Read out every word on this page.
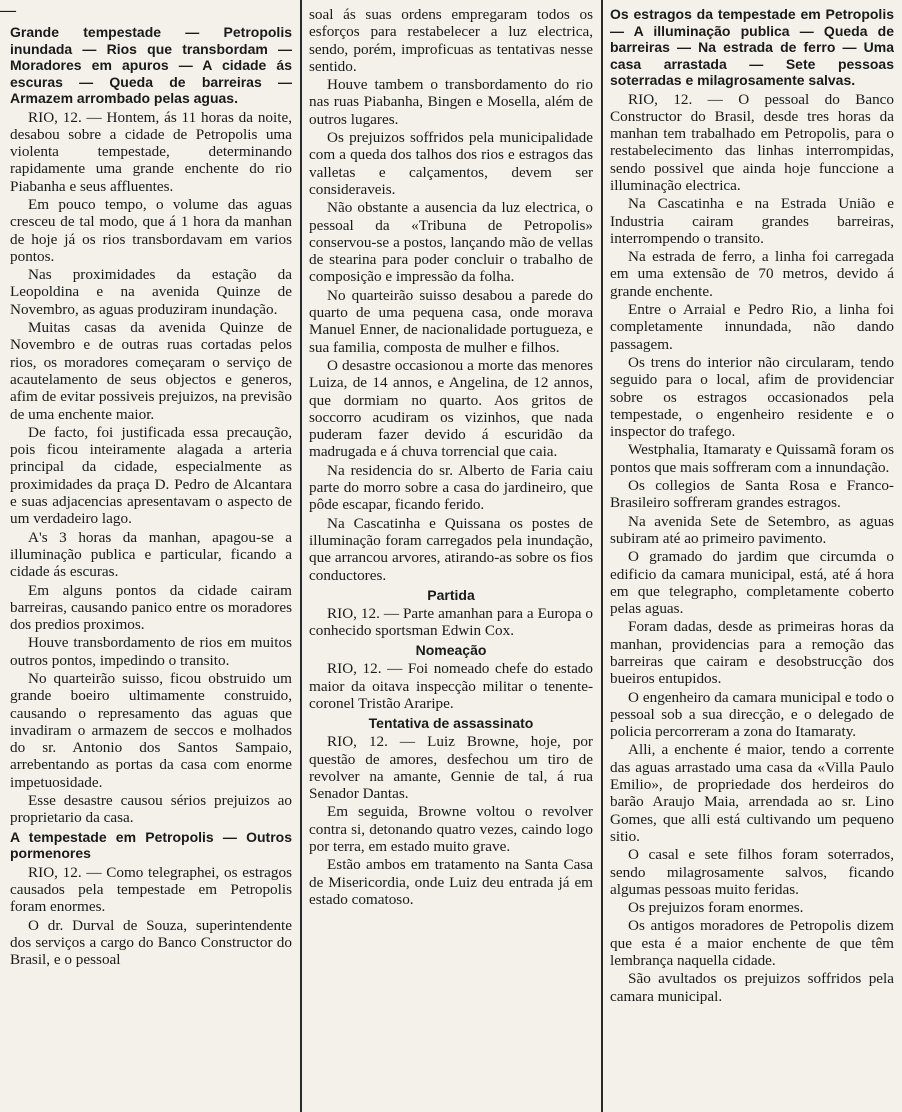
—
Grande tempestade — Petropolis inundada — Rios que transbordam — Moradores em apuros — A cidade ás escuras — Queda de barreiras — Armazem arrombado pelas aguas.

RIO, 12. — Hontem, ás 11 horas da noite, desabou sobre a cidade de Petropolis uma violenta tempestade, determinando rapidamente uma grande enchente do rio Piabanha e seus affluentes.

Em pouco tempo, o volume das aguas cresceu de tal modo, que á 1 hora da manhan de hoje já os rios transbordavam em varios pontos.

Nas proximidades da estação da Leopoldina e na avenida Quinze de Novembro, as aguas produziram inundação.

Muitas casas da avenida Quinze de Novembro e de outras ruas cortadas pelos rios, os moradores começaram o serviço de acautelamento de seus objectos e generos, afim de evitar possiveis prejuizos, na previsão de uma enchente maior.

De facto, foi justificada essa precaução, pois ficou inteiramente alagada a arteria principal da cidade, especialmente as proximidades da praça D. Pedro de Alcantara e suas adjacencias apresentavam o aspecto de um verdadeiro lago.

A's 3 horas da manhan, apagou-se a illuminação publica e particular, ficando a cidade ás escuras.

Em alguns pontos da cidade cairam barreiras, causando panico entre os moradores dos predios proximos.

Houve transbordamento de rios em muitos outros pontos, impedindo o transito.

No quarteirão suisso, ficou obstruido um grande boeiro ultimamente construido, causando o represamento das aguas que invadiram o armazem de seccos e molhados do sr. Antonio dos Santos Sampaio, arrebentando as portas da casa com enorme impetuosidade.

Esse desastre causou sérios prejuizos ao proprietario da casa.

A tempestade em Petropolis — Outros pormenores

RIO, 12. — Como telegraphei, os estragos causados pela tempestade em Petropolis foram enormes.

O dr. Durval de Souza, superintendente dos serviços a cargo do Banco Constructor do Brasil, e o pessoal

soal ás suas ordens empregaram todos os esforços para restabelecer a luz electrica, sendo, porém, improficuas as tentativas nesse sentido.

Houve tambem o transbordamento do rio nas ruas Piabanha, Bingen e Mosella, além de outros lugares.

Os prejuizos soffridos pela municipalidade com a queda dos talhos dos rios e estragos das valletas e calçamentos, devem ser consideraveis.

Não obstante a ausencia da luz electrica, o pessoal da «Tribuna de Petropolis» conservou-se a postos, lançando mão de vellas de stearina para poder concluir o trabalho de composição e impressão da folha.

No quarteirão suisso desabou a parede do quarto de uma pequena casa, onde morava Manuel Enner, de nacionalidade portugueza, e sua familia, composta de mulher e filhos.

O desastre occasionou a morte das menores Luiza, de 14 annos, e Angelina, de 12 annos, que dormiam no quarto. Aos gritos de soccorro acudiram os vizinhos, que nada puderam fazer devido á escuridão da madrugada e á chuva torrencial que caia.

Na residencia do sr. Alberto de Faria caiu parte do morro sobre a casa do jardineiro, que pôde escapar, ficando ferido.

Na Cascatinha e Quissana os postes de illuminação foram carregados pela inundação, que arrancou arvores, atirando-as sobre os fios conductores.

Partida

RIO, 12. — Parte amanhan para a Europa o conhecido sportsman Edwin Cox.

Nomeação

RIO, 12. — Foi nomeado chefe do estado maior da oitava inspecção militar o tenente-coronel Tristão Araripe.

Tentativa de assassinato

RIO, 12. — Luiz Browne, hoje, por questão de amores, desfechou um tiro de revolver na amante, Gennie de tal, á rua Senador Dantas.

Em seguida, Browne voltou o revolver contra si, detonando quatro vezes, caindo logo por terra, em estado muito grave.

Estão ambos em tratamento na Santa Casa de Misericordia, onde Luiz deu entrada já em estado comatoso.

Os estragos da tempestade em Petropolis — A illuminação publica — Queda de barreiras — Na estrada de ferro — Uma casa arrastada — Sete pessoas soterradas e milagrosamente salvas.

RIO, 12. — O pessoal do Banco Constructor do Brasil, desde tres horas da manhan tem trabalhado em Petropolis, para o restabelecimento das linhas interrompidas, sendo possivel que ainda hoje funccione a illuminação electrica.

Na Cascatinha e na Estrada União e Industria cairam grandes barreiras, interrompendo o transito.

Na estrada de ferro, a linha foi carregada em uma extensão de 70 metros, devido á grande enchente.

Entre o Arraial e Pedro Rio, a linha foi completamente innundada, não dando passagem.

Os trens do interior não circularam, tendo seguido para o local, afim de providenciar sobre os estragos occasionados pela tempestade, o engenheiro residente e o inspector do trafego.

Westphalia, Itamaraty e Quissamã foram os pontos que mais soffreram com a innundação.

Os collegios de Santa Rosa e Franco-Brasileiro soffreram grandes estragos.

Na avenida Sete de Setembro, as aguas subiram até ao primeiro pavimento.

O gramado do jardim que circumda o edificio da camara municipal, está, até á hora em que telegrapho, completamente coberto pelas aguas.

Foram dadas, desde as primeiras horas da manhan, providencias para a remoção das barreiras que cairam e desobstrucção dos bueiros entupidos.

O engenheiro da camara municipal e todo o pessoal sob a sua direcção, e o delegado de policia percorreram a zona do Itamaraty.

Alli, a enchente é maior, tendo a corrente das aguas arrastado uma casa da «Villa Paulo Emilio», de propriedade dos herdeiros do barão Araujo Maia, arrendada ao sr. Lino Gomes, que alli está cultivando um pequeno sitio.

O casal e sete filhos foram soterrados, sendo milagrosamente salvos, ficando algumas pessoas muito feridas.

Os prejuizos foram enormes.

Os antigos moradores de Petropolis dizem que esta é a maior enchente de que têm lembrança naquella cidade.

São avultados os prejuizos soffridos pela camara municipal.
